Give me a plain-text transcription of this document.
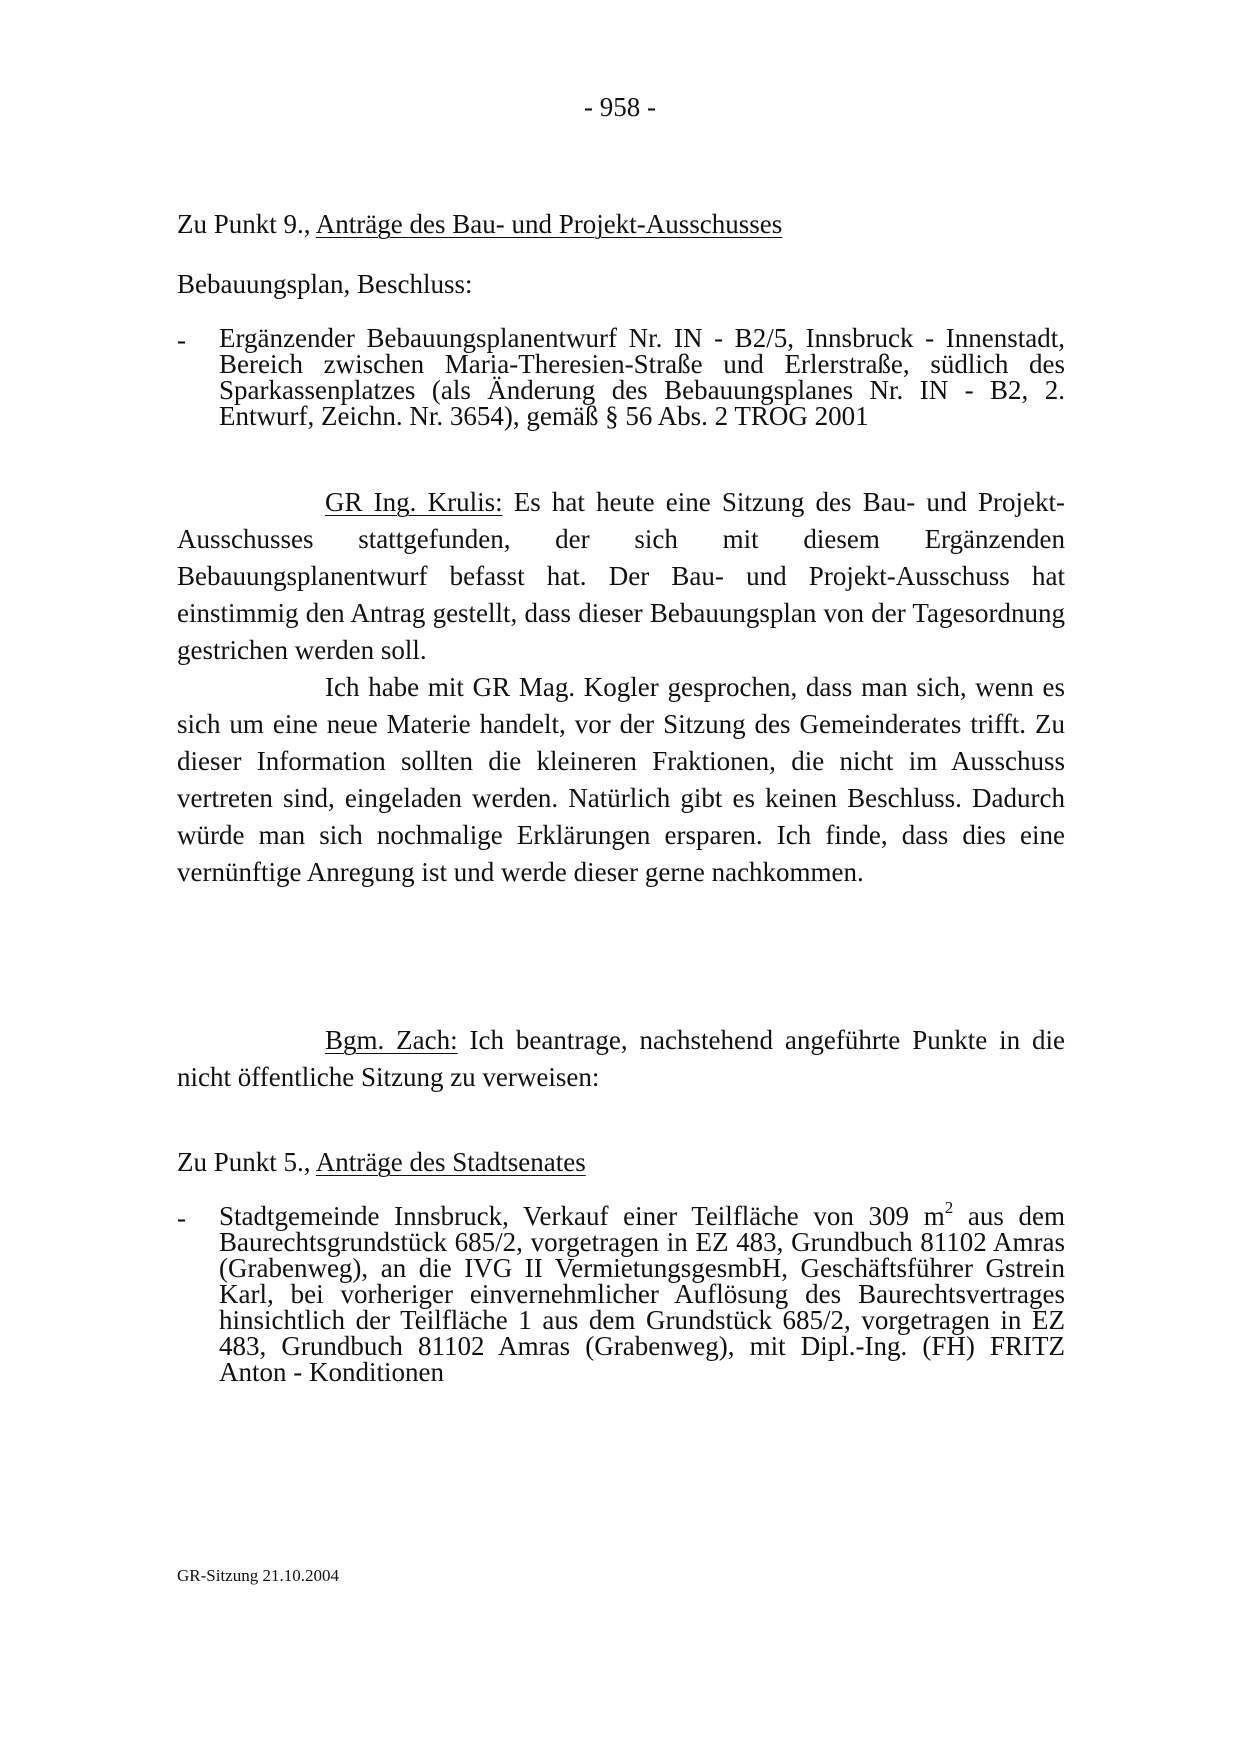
- 958 -
Zu Punkt 9., Anträge des Bau- und Projekt-Ausschusses
Bebauungsplan, Beschluss:
- Ergänzender Bebauungsplanentwurf Nr. IN - B2/5, Innsbruck - Innenstadt, Bereich zwischen Maria-Theresien-Straße und Erlerstraße, südlich des Sparkassenplatzes (als Änderung des Bebauungsplanes Nr. IN - B2, 2. Entwurf, Zeichn. Nr. 3654), gemäß § 56 Abs. 2 TROG 2001
GR Ing. Krulis: Es hat heute eine Sitzung des Bau- und Projekt-Ausschusses stattgefunden, der sich mit diesem Ergänzenden Bebauungsplanentwurf befasst hat. Der Bau- und Projekt-Ausschuss hat einstimmig den Antrag gestellt, dass dieser Bebauungsplan von der Tagesordnung gestrichen werden soll.
Ich habe mit GR Mag. Kogler gesprochen, dass man sich, wenn es sich um eine neue Materie handelt, vor der Sitzung des Gemeinderates trifft. Zu dieser Information sollten die kleineren Fraktionen, die nicht im Ausschuss vertreten sind, eingeladen werden. Natürlich gibt es keinen Beschluss. Dadurch würde man sich nochmalige Erklärungen ersparen. Ich finde, dass dies eine vernünftige Anregung ist und werde dieser gerne nachkommen.
Bgm. Zach: Ich beantrage, nachstehend angeführte Punkte in die nicht öffentliche Sitzung zu verweisen:
Zu Punkt 5., Anträge des Stadtsenates
- Stadtgemeinde Innsbruck, Verkauf einer Teilfläche von 309 $m^2$ aus dem Baurechtsgrundstück 685/2, vorgetragen in EZ 483, Grundbuch 81102 Amras (Grabenweg), an die IVG II VermietungsgesmbH, Geschäftsführer Gstrein Karl, bei vorheriger einvernehmlicher Auflösung des Baurechtsvertrages hinsichtlich der Teilfläche 1 aus dem Grundstück 685/2, vorgetragen in EZ 483, Grundbuch 81102 Amras (Grabenweg), mit Dipl.-Ing. (FH) FRITZ Anton - Konditionen
GR-Sitzung 21.10.2004
